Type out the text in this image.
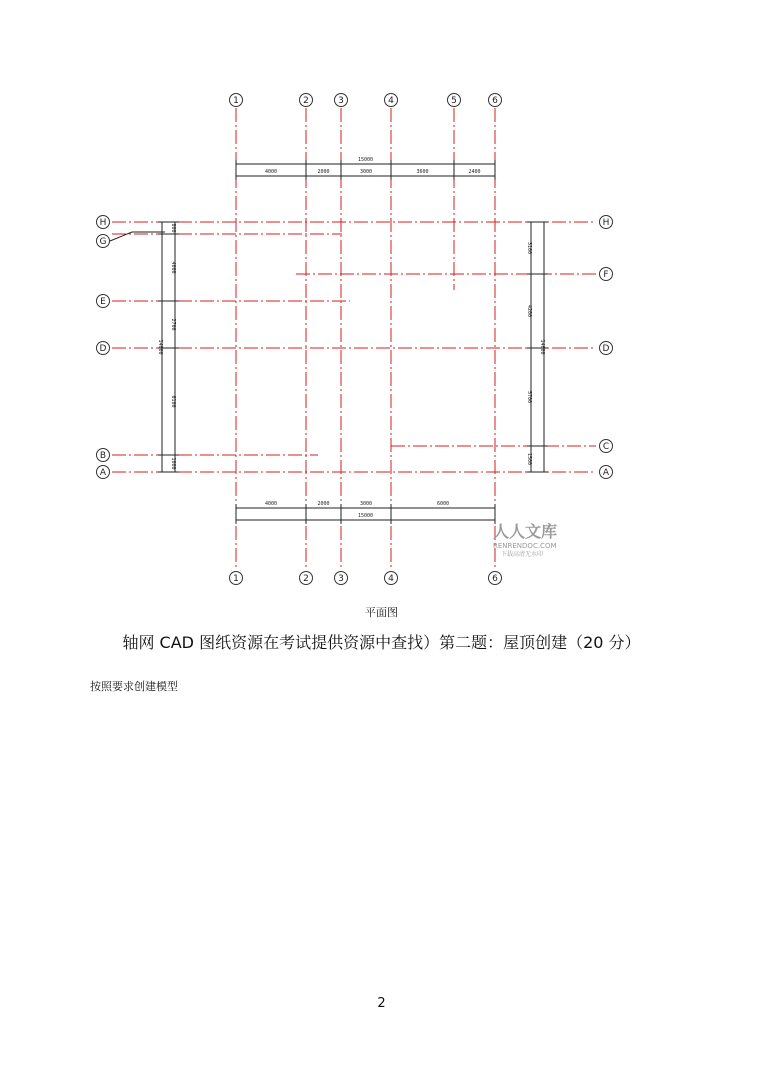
4000	2000	3000	3600	2400
15000
4000	2000	3000	6000
15000
800
4000
2700
6100
1000
14600
3100
4200
5700
1500
14600
1	2	3	4	5	6
1	2	3	4	6
H
G
E
D
B
A
H
F
D
C
A
人人文库
RENRENDOC.COM
下载高清无水印
平面图
轴网 CAD 图纸资源在考试提供资源中查找）第二题：屋顶创建（20 分）
按照要求创建模型
2
